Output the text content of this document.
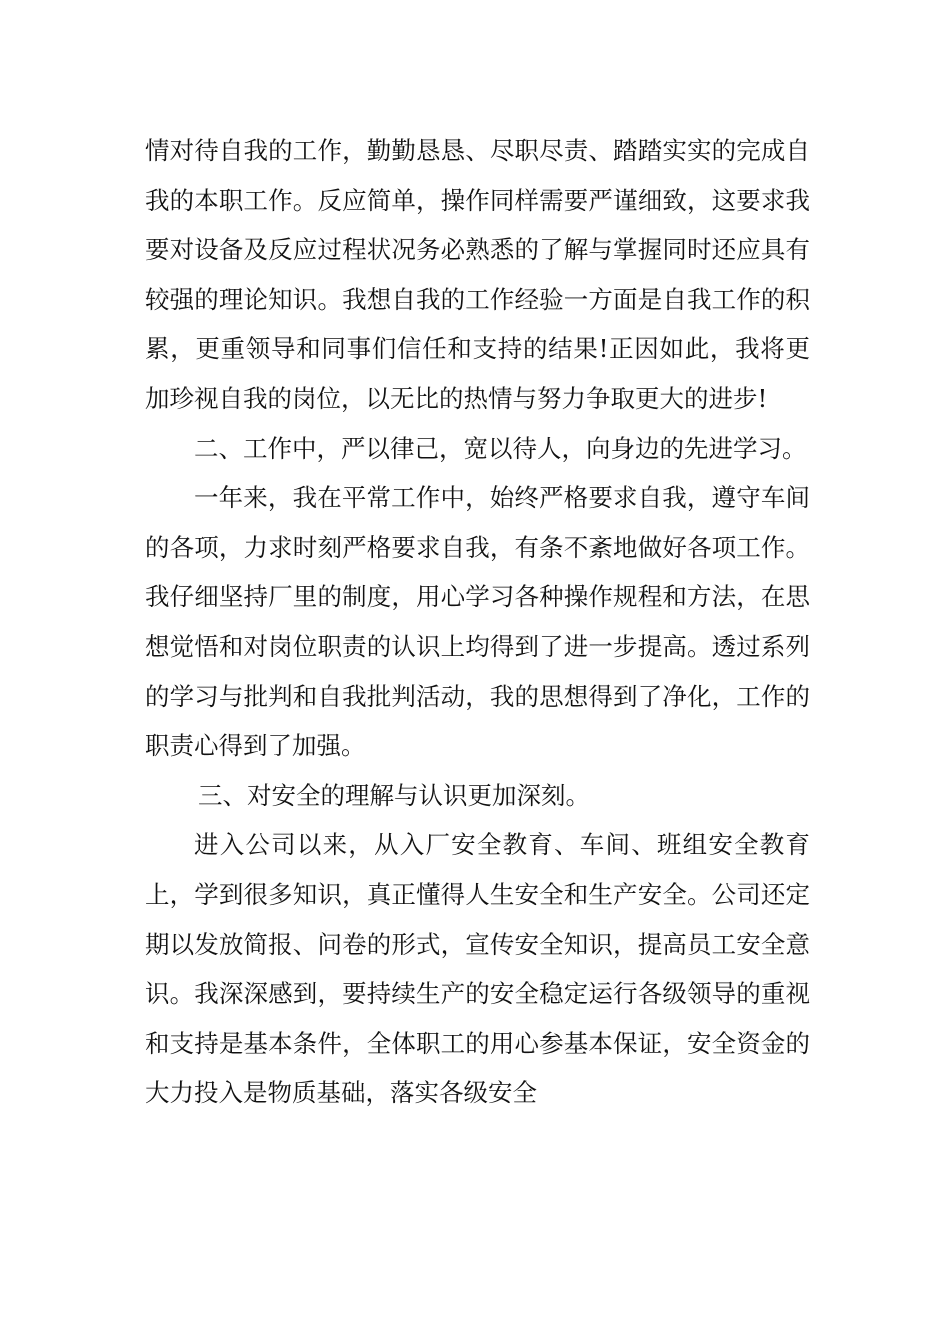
情对待自我的工作，勤勤恳恳、尽职尽责、踏踏实实的完成自我的本职工作。反应简单，操作同样需要严谨细致，这要求我要对设备及反应过程状况务必熟悉的了解与掌握同时还应具有较强的理论知识。我想自我的工作经验一方面是自我工作的积累，更重领导和同事们信任和支持的结果!正因如此，我将更加珍视自我的岗位，以无比的热情与努力争取更大的进步!

二、工作中，严以律己，宽以待人，向身边的先进学习。

一年来，我在平常工作中，始终严格要求自我，遵守车间的各项，力求时刻严格要求自我，有条不紊地做好各项工作。我仔细坚持厂里的制度，用心学习各种操作规程和方法，在思想觉悟和对岗位职责的认识上均得到了进一步提高。透过系列的学习与批判和自我批判活动，我的思想得到了净化，工作的职责心得到了加强。

三、对安全的理解与认识更加深刻。

进入公司以来，从入厂安全教育、车间、班组安全教育上，学到很多知识，真正懂得人生安全和生产安全。公司还定期以发放简报、问卷的形式，宣传安全知识，提高员工安全意识。我深深感到，要持续生产的安全稳定运行各级领导的重视和支持是基本条件，全体职工的用心参基本保证，安全资金的大力投入是物质基础，落实各级安全
